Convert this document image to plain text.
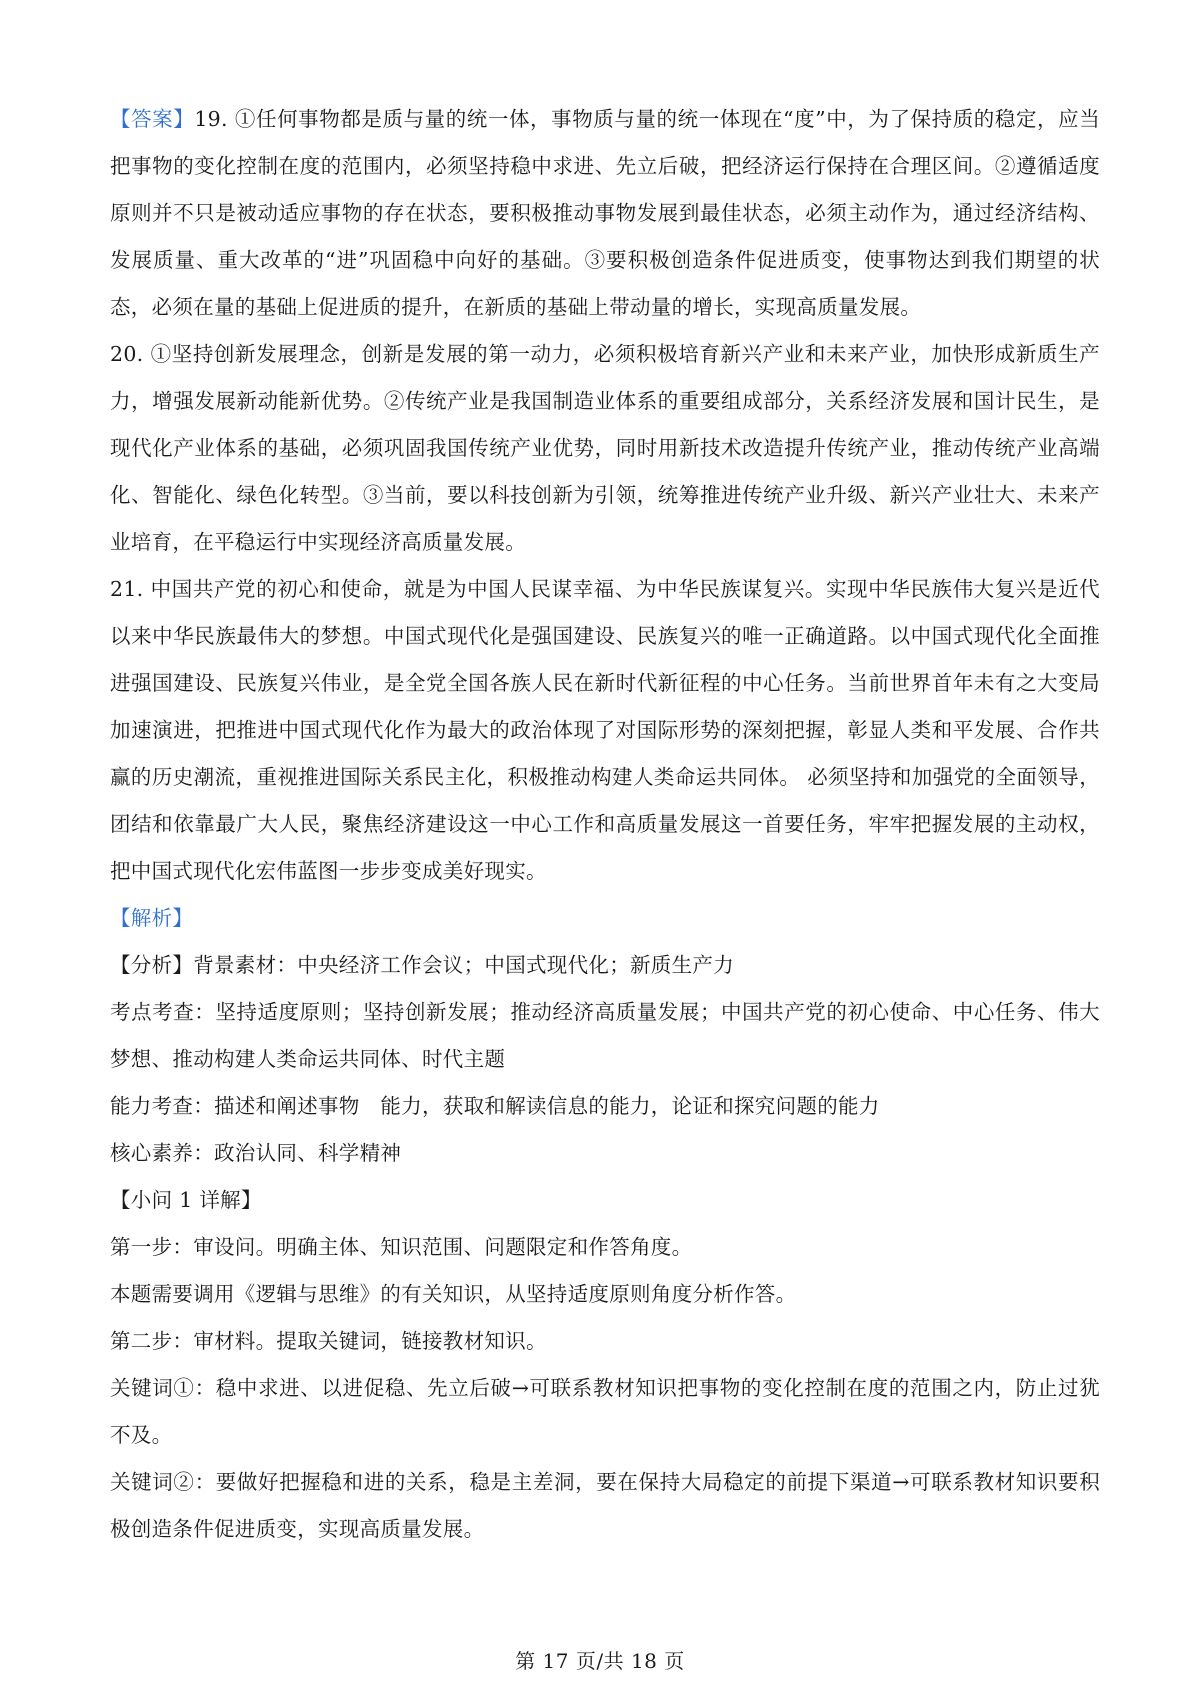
【答案】19. ①任何事物都是质与量的统一体，事物质与量的统一体现在“度”中，为了保持质的稳定，应当把事物的变化控制在度的范围内，必须坚持稳中求进、先立后破，把经济运行保持在合理区间。②遵循适度原则并不只是被动适应事物的存在状态，要积极推动事物发展到最佳状态，必须主动作为，通过经济结构、发展质量、重大改革的“进”巩固稳中向好的基础。③要积极创造条件促进质变，使事物达到我们期望的状态，必须在量的基础上促进质的提升，在新质的基础上带动量的增长，实现高质量发展。

20. ①坚持创新发展理念，创新是发展的第一动力，必须积极培育新兴产业和未来产业，加快形成新质生产力，增强发展新动能新优势。②传统产业是我国制造业体系的重要组成部分，关系经济发展和国计民生，是现代化产业体系的基础，必须巩固我国传统产业优势，同时用新技术改造提升传统产业，推动传统产业高端化、智能化、绿色化转型。③当前，要以科技创新为引领，统筹推进传统产业升级、新兴产业壮大、未来产业培育，在平稳运行中实现经济高质量发展。

21. 中国共产党的初心和使命，就是为中国人民谋幸福、为中华民族谋复兴。实现中华民族伟大复兴是近代以来中华民族最伟大的梦想。中国式现代化是强国建设、民族复兴的唯一正确道路。以中国式现代化全面推进强国建设、民族复兴伟业，是全党全国各族人民在新时代新征程的中心任务。当前世界首年未有之大变局加速演进，把推进中国式现代化作为最大的政治体现了对国际形势的深刻把握，彰显人类和平发展、合作共赢的历史潮流，重视推进国际关系民主化，积极推动构建人类命运共同体。 必须坚持和加强党的全面领导，团结和依靠最广大人民，聚焦经济建设这一中心工作和高质量发展这一首要任务，牢牢把握发展的主动权，把中国式现代化宏伟蓝图一步步变成美好现实。

【解析】

【分析】背景素材：中央经济工作会议；中国式现代化；新质生产力

考点考查：坚持适度原则；坚持创新发展；推动经济高质量发展；中国共产党的初心使命、中心任务、伟大梦想、推动构建人类命运共同体、时代主题

能力考查：描述和阐述事物　能力，获取和解读信息的能力，论证和探究问题的能力

核心素养：政治认同、科学精神

【小问 1 详解】

第一步：审设问。明确主体、知识范围、问题限定和作答角度。

本题需要调用《逻辑与思维》的有关知识，从坚持适度原则角度分析作答。

第二步：审材料。提取关键词，链接教材知识。

关键词①：稳中求进、以进促稳、先立后破→可联系教材知识把事物的变化控制在度的范围之内，防止过犹不及。

关键词②：要做好把握稳和进的关系，稳是主差洞，要在保持大局稳定的前提下渠道→可联系教材知识要积极创造条件促进质变，实现高质量发展。

第 17 页/共 18 页
